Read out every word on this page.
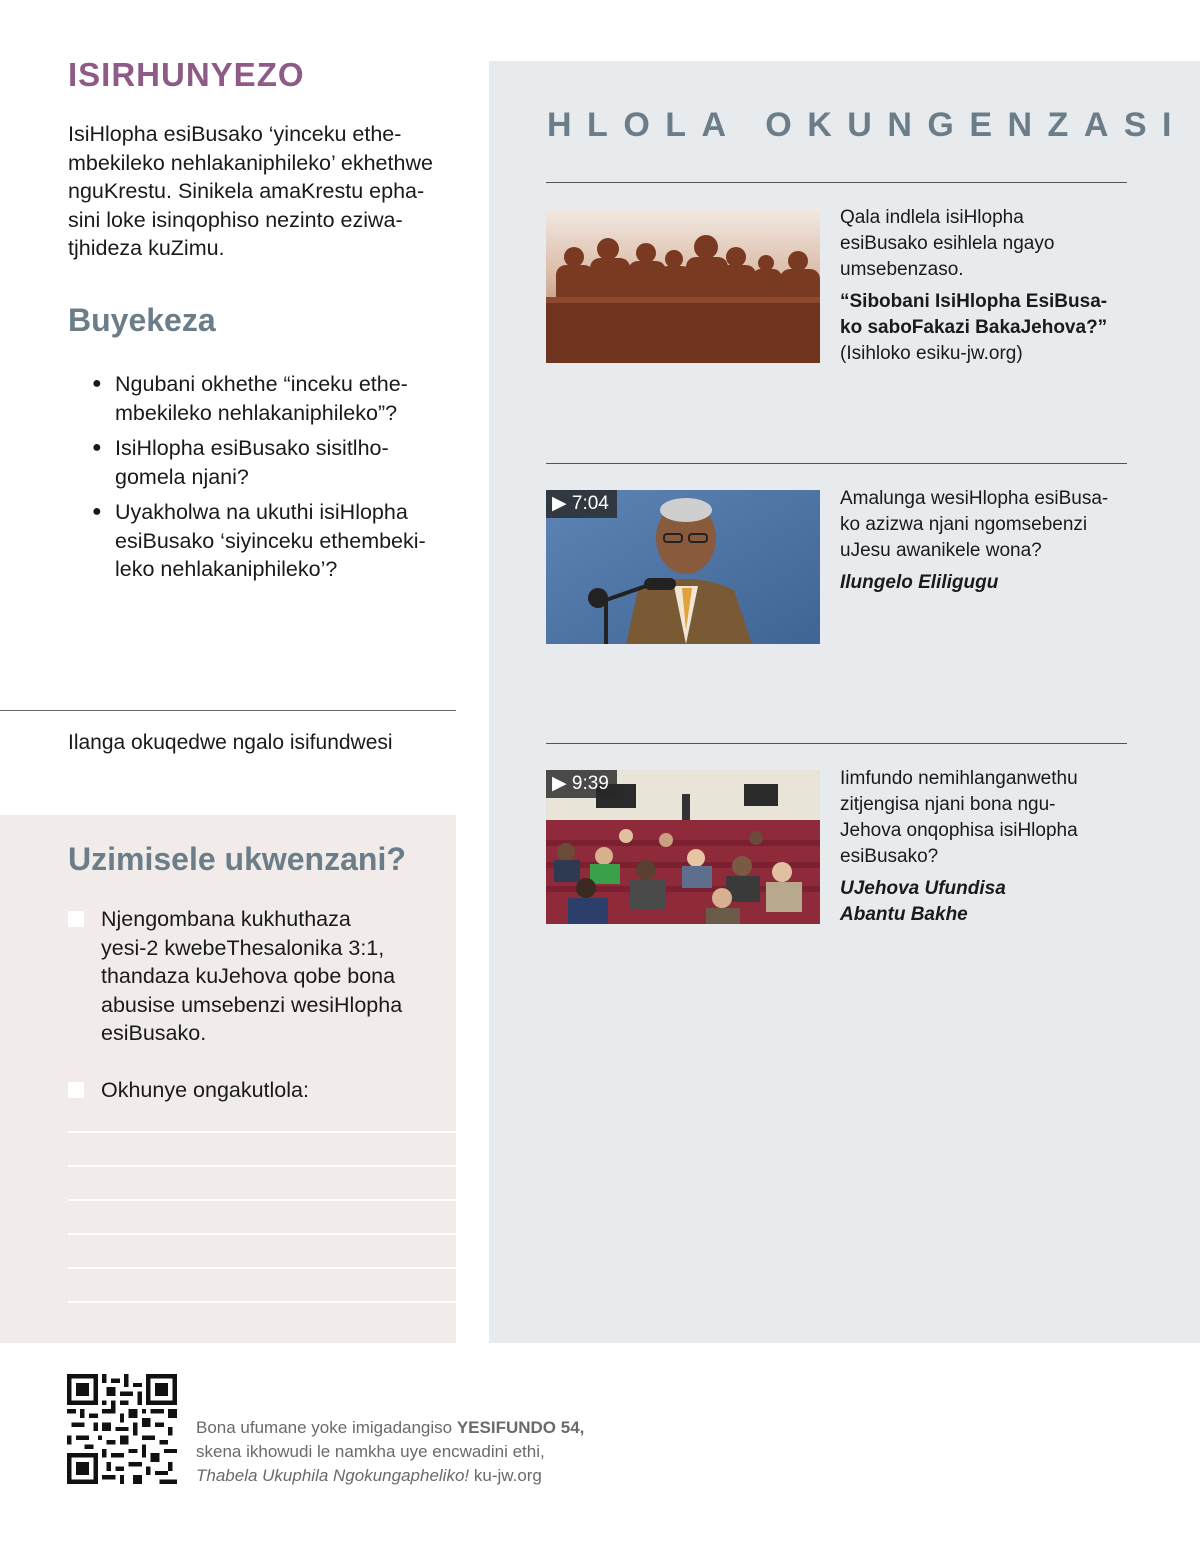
ISIRHUNYEZO
IsiHlopha esiBusako ‘yinceku ethe-
mbekileko nehlakaniphileko’ ekhethwe
nguKrestu. Sinikela amaKrestu epha-
sini loke isinqophiso nezinto eziwa-
tjhideza kuZimu.
Buyekeza
● Ngubani okhethe “inceku ethe-
mbekileko nehlakaniphileko”?
● IsiHlopha esiBusako sisitlho-
gomela njani?
● Uyakholwa na ukuthi isiHlopha
esiBusako ‘siyinceku ethembeki-
leko nehlakaniphileko’?
Ilanga okuqedwe ngalo isifundwesi
Uzimisele ukwenzani?
Njengombana kukhuthaza
yesi-2 kwebeThesalonika 3:1,
thandaza kuJehova qobe bona
abusise umsebenzi wesiHlopha
esiBusako.
Okhunye ongakutlola:
HLOLA OKUNGENZASI
Qala indlela isiHlopha
esiBusako esihlela ngayo
umsebenzaso.
“Sibobani IsiHlopha EsiBusa-
ko saboFakazi BakaJehova?”
(Isihloko esiku-jw.org)
▶ 7:04	Amalunga wesiHlopha esiBusa-
ko azizwa njani ngomsebenzi
uJesu awanikele wona?
Ilungelo Eliligugu
▶ 9:39	Iimfundo nemihlanganwethu
zitjengisa njani bona ngu-
Jehova onqophisa isiHlopha
esiBusako?
UJehova Ufundisa
Abantu Bakhe
Bona ufumane yoke imigadangiso YESIFUNDO 54,
skena ikhowudi le namkha uye encwadini ethi,
Thabela Ukuphila Ngokungapheliko! ku-jw.org
